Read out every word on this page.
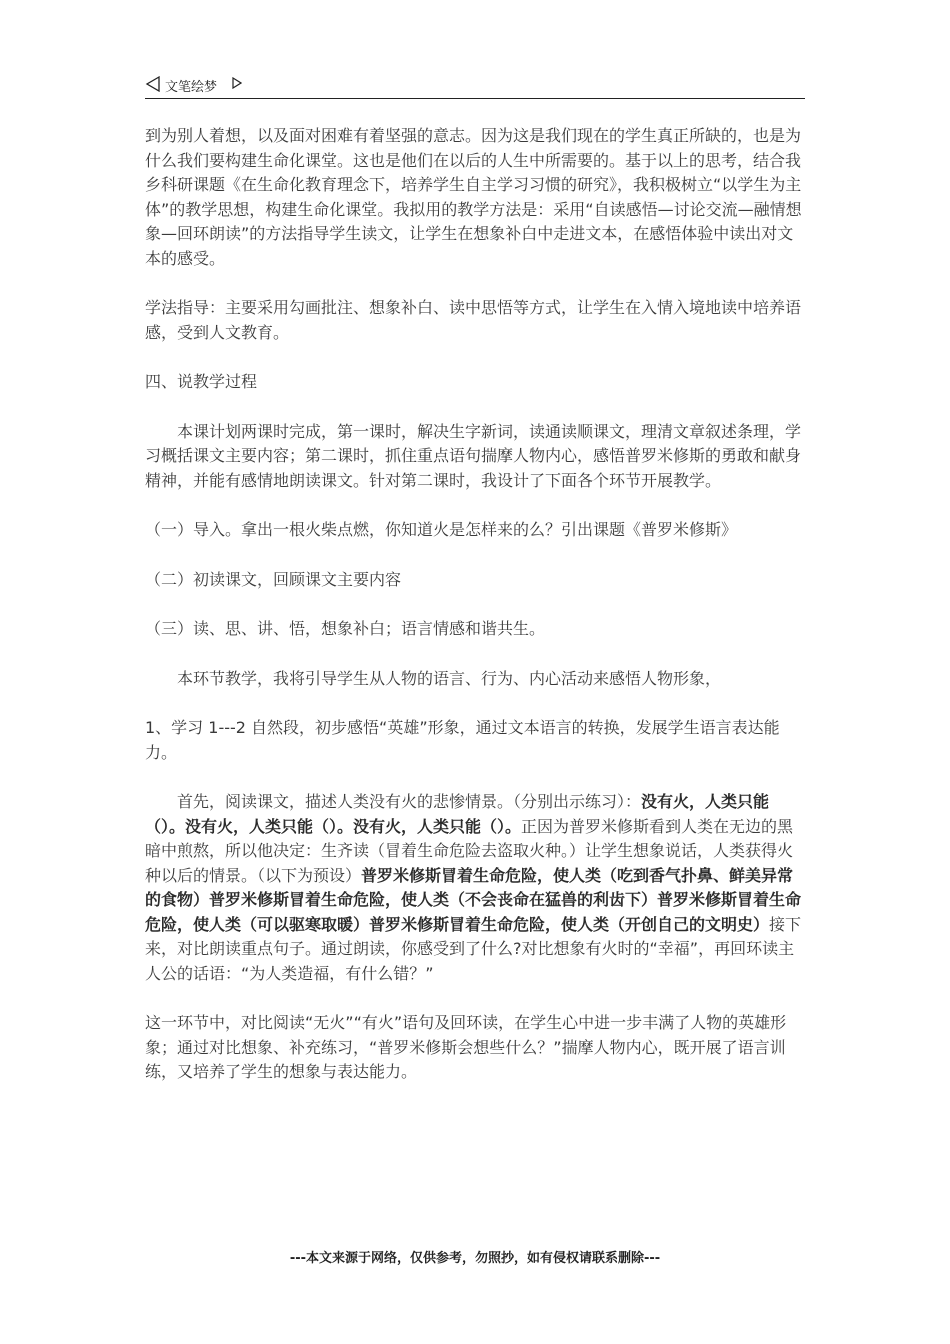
文笔绘梦

到为别人着想，以及面对困难有着坚强的意志。因为这是我们现在的学生真正所缺的，也是为什么我们要构建生命化课堂。这也是他们在以后的人生中所需要的。基于以上的思考，结合我乡科研课题《在生命化教育理念下，培养学生自主学习习惯的研究》，我积极树立“以学生为主体”的教学思想，构建生命化课堂。我拟用的教学方法是：采用“自读感悟—讨论交流—融情想象—回环朗读”的方法指导学生读文，让学生在想象补白中走进文本，在感悟体验中读出对文本的感受。

学法指导：主要采用勾画批注、想象补白、读中思悟等方式，让学生在入情入境地读中培养语感，受到人文教育。

四、说教学过程

本课计划两课时完成，第一课时，解决生字新词，读通读顺课文，理清文章叙述条理，学习概括课文主要内容；第二课时，抓住重点语句揣摩人物内心，感悟普罗米修斯的勇敢和献身精神，并能有感情地朗读课文。针对第二课时，我设计了下面各个环节开展教学。

（一）导入。拿出一根火柴点燃，你知道火是怎样来的么？引出课题《普罗米修斯》

（二）初读课文，回顾课文主要内容

（三）读、思、讲、悟，想象补白；语言情感和谐共生。

本环节教学，我将引导学生从人物的语言、行为、内心活动来感悟人物形象，

1、学习 1---2 自然段，初步感悟“英雄”形象，通过文本语言的转换，发展学生语言表达能力。

首先，阅读课文，描述人类没有火的悲惨情景。（分别出示练习）：没有火，人类只能（）。没有火，人类只能（）。没有火，人类只能（）。正因为普罗米修斯看到人类在无边的黑暗中煎熬，所以他决定：生齐读（冒着生命危险去盗取火种。）让学生想象说话，人类获得火种以后的情景。（以下为预设）普罗米修斯冒着生命危险，使人类（吃到香气扑鼻、鲜美异常的食物）普罗米修斯冒着生命危险，使人类（不会丧命在猛兽的利齿下）普罗米修斯冒着生命危险，使人类（可以驱寒取暖）普罗米修斯冒着生命危险，使人类（开创自己的文明史）接下来，对比朗读重点句子。通过朗读，你感受到了什么?对比想象有火时的“幸福”，再回环读主人公的话语：“为人类造福，有什么错？”

这一环节中，对比阅读“无火”“有火”语句及回环读，在学生心中进一步丰满了人物的英雄形象；通过对比想象、补充练习，“普罗米修斯会想些什么？”揣摩人物内心，既开展了语言训练，又培养了学生的想象与表达能力。

---本文来源于网络，仅供参考，勿照抄，如有侵权请联系删除---
